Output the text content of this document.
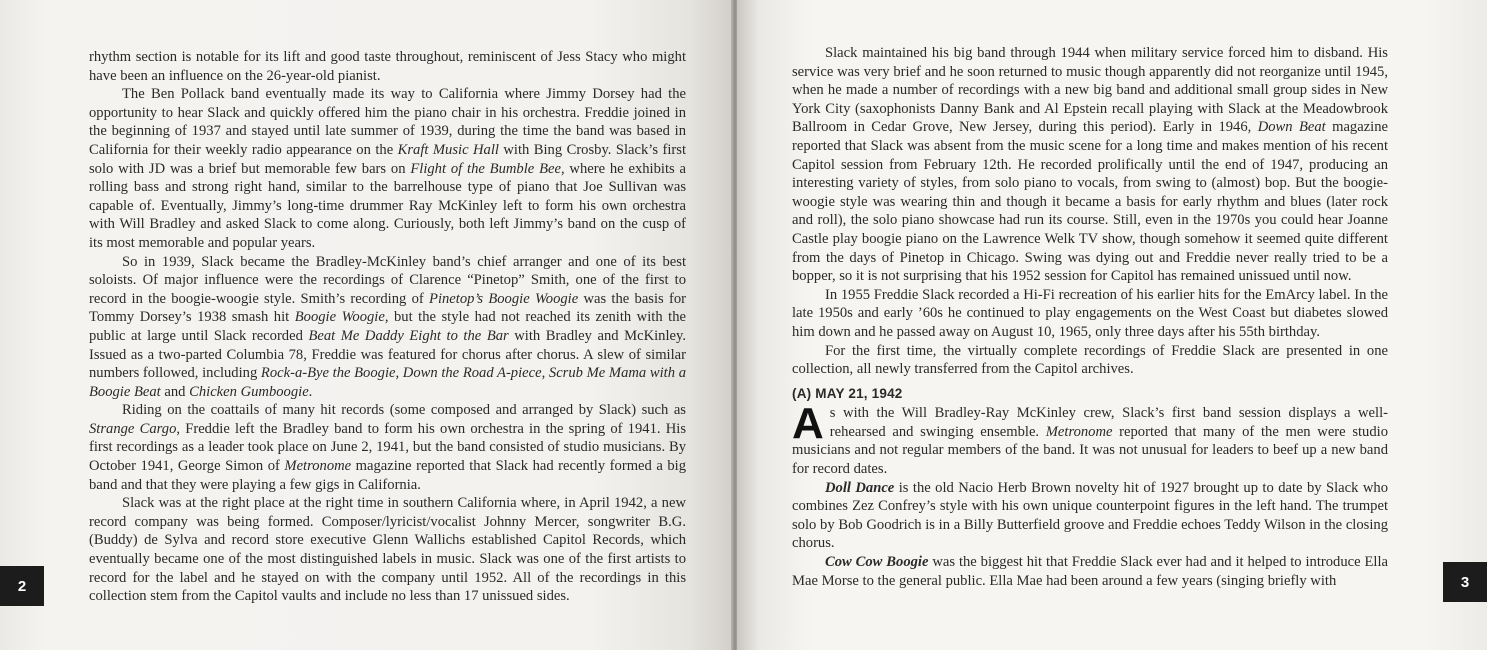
rhythm section is notable for its lift and good taste throughout, reminiscent of Jess Stacy who might have been an influence on the 26-year-old pianist.

The Ben Pollack band eventually made its way to California where Jimmy Dorsey had the opportunity to hear Slack and quickly offered him the piano chair in his orchestra. Freddie joined in the beginning of 1937 and stayed until late summer of 1939, during the time the band was based in California for their weekly radio appearance on the Kraft Music Hall with Bing Crosby. Slack’s first solo with JD was a brief but memorable few bars on Flight of the Bumble Bee, where he exhibits a rolling bass and strong right hand, similar to the barrelhouse type of piano that Joe Sullivan was capable of. Eventually, Jimmy’s long-time drummer Ray McKinley left to form his own orchestra with Will Bradley and asked Slack to come along. Curiously, both left Jimmy’s band on the cusp of its most memorable and popular years.

So in 1939, Slack became the Bradley-McKinley band’s chief arranger and one of its best soloists. Of major influence were the recordings of Clarence “Pinetop” Smith, one of the first to record in the boogie-woogie style. Smith’s recording of Pinetop’s Boogie Woogie was the basis for Tommy Dorsey’s 1938 smash hit Boogie Woogie, but the style had not reached its zenith with the public at large until Slack recorded Beat Me Daddy Eight to the Bar with Bradley and McKinley. Issued as a two-parted Columbia 78, Freddie was featured for chorus after chorus. A slew of similar numbers followed, including Rock-a-Bye the Boogie, Down the Road A-piece, Scrub Me Mama with a Boogie Beat and Chicken Gumboogie.

Riding on the coattails of many hit records (some composed and arranged by Slack) such as Strange Cargo, Freddie left the Bradley band to form his own orchestra in the spring of 1941. His first recordings as a leader took place on June 2, 1941, but the band consisted of studio musicians. By October 1941, George Simon of Metronome magazine reported that Slack had recently formed a big band and that they were playing a few gigs in California.

Slack was at the right place at the right time in southern California where, in April 1942, a new record company was being formed. Composer/lyricist/vocalist Johnny Mercer, songwriter B.G. (Buddy) de Sylva and record store executive Glenn Wallichs established Capitol Records, which eventually became one of the most distinguished labels in music. Slack was one of the first artists to record for the label and he stayed on with the company until 1952. All of the recordings in this collection stem from the Capitol vaults and include no less than 17 unissued sides.

2

Slack maintained his big band through 1944 when military service forced him to disband. His service was very brief and he soon returned to music though apparently did not reorganize until 1945, when he made a number of recordings with a new big band and additional small group sides in New York City (saxophonists Danny Bank and Al Epstein recall playing with Slack at the Meadowbrook Ballroom in Cedar Grove, New Jersey, during this period). Early in 1946, Down Beat magazine reported that Slack was absent from the music scene for a long time and makes mention of his recent Capitol session from February 12th. He recorded prolifically until the end of 1947, producing an interesting variety of styles, from solo piano to vocals, from swing to (almost) bop. But the boogie-woogie style was wearing thin and though it became a basis for early rhythm and blues (later rock and roll), the solo piano showcase had run its course. Still, even in the 1970s you could hear Joanne Castle play boogie piano on the Lawrence Welk TV show, though somehow it seemed quite different from the days of Pinetop in Chicago. Swing was dying out and Freddie never really tried to be a bopper, so it is not surprising that his 1952 session for Capitol has remained unissued until now.

In 1955 Freddie Slack recorded a Hi-Fi recreation of his earlier hits for the EmArcy label. In the late 1950s and early ’60s he continued to play engagements on the West Coast but diabetes slowed him down and he passed away on August 10, 1965, only three days after his 55th birthday.

For the first time, the virtually complete recordings of Freddie Slack are presented in one collection, all newly transferred from the Capitol archives.

(A) MAY 21, 1942

As with the Will Bradley-Ray McKinley crew, Slack’s first band session displays a well-rehearsed and swinging ensemble. Metronome reported that many of the men were studio musicians and not regular members of the band. It was not unusual for leaders to beef up a new band for record dates.

Doll Dance is the old Nacio Herb Brown novelty hit of 1927 brought up to date by Slack who combines Zez Confrey’s style with his own unique counterpoint figures in the left hand. The trumpet solo by Bob Goodrich is in a Billy Butterfield groove and Freddie echoes Teddy Wilson in the closing chorus.

Cow Cow Boogie was the biggest hit that Freddie Slack ever had and it helped to introduce Ella Mae Morse to the general public. Ella Mae had been around a few years (singing briefly with	3
